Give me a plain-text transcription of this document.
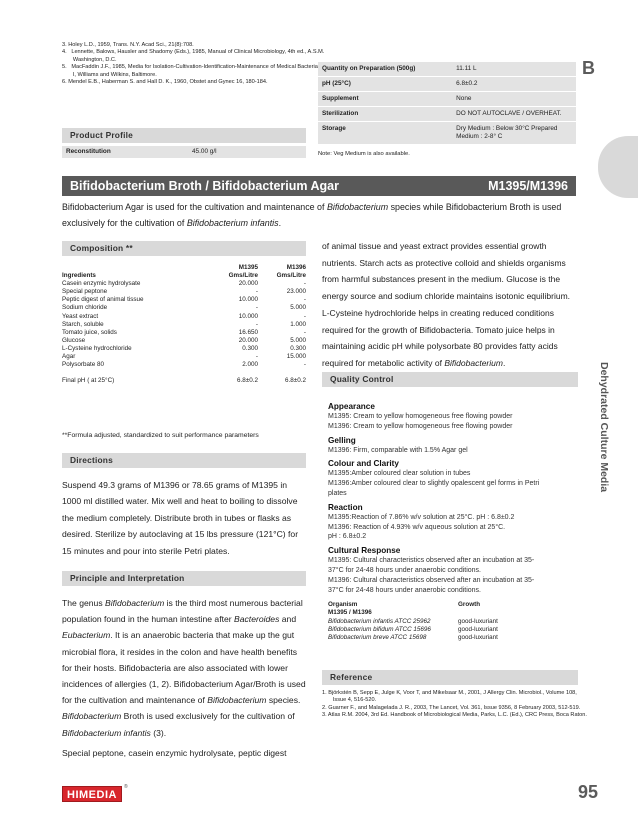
3. Holey L.D., 1959, Trans. N.Y. Acad Sci., 21(8):708.
4.   Lennette, Balows, Hausler and Shadomy (Eds.), 1985, Manual of Clinical Microbiology, 4th ed., A.S.M.
Washington, D.C.
5.   MacFaddin J.F., 1985, Media for Isolation-Cultivation-Identification-Maintenance of Medical Bacteria, Vol.
I, Williams and Wilkins, Baltimore.
6. Mendel E.B., Haberman S. and Hall D. K., 1960, Obstet and Gynec 16, 180-184.
Product Profile
Reconstitution	45.00 g/l
Quantity on Preparation (500g)	11.11 L
pH (25°C)	6.8±0.2
Supplement	None
Sterilization	DO NOT AUTOCLAVE / OVERHEAT.
Storage	Dry Medium : Below 30°C Prepared Medium : 2-8° C
Note: Veg Medium is also available.
B
Dehydrated Culture Media
Bifidobacterium Broth / Bifidobacterium Agar	M1395/M1396
Bifidobacterium Agar is used for the cultivation and maintenance of Bifidobacterium species while Bifidobacterium Broth is used
exclusively for the cultivation of Bifidobacterium infantis.
Composition **
	M1395	M1396
Ingredients	Gms/Litre	Gms/Litre
Casein enzymic hydrolysate	20.000	-
Special peptone	-	23.000
Peptic digest of animal tissue	10.000	-
Sodium chloride	-	5.000
Yeast extract	10.000	-
Starch, soluble	-	1.000
Tomato juice, solids	16.650	-
Glucose	20.000	5.000
L-Cysteine hydrochloride	0.300	0.300
Agar	-	15.000
Polysorbate 80	2.000	-

Final pH ( at 25°C)	6.8±0.2	6.8±0.2
**Formula adjusted, standardized to suit performance parameters
Directions
Suspend 49.3 grams of M1396 or 78.65 grams of M1395 in
1000 ml distilled water. Mix well and heat to boiling to dissolve
the medium completely. Distribute broth in tubes or flasks as
desired. Sterilize by autoclaving at 15 lbs pressure (121°C) for
15 minutes and pour into sterile Petri plates.
Principle and Interpretation
The genus Bifidobacterium is the third most numerous bacterial
population found in the human intestine after Bacteroides and
Eubacterium. It is an anaerobic bacteria that make up the gut
microbial flora, it resides in the colon and have health benefits
for their hosts. Bifidobacteria are also associated with lower
incidences of allergies (1, 2). Bifidobacterium Agar/Broth is used
for the cultivation and maintenance of Bifidobacterium species.
Bifidobacterium Broth is used exclusively for the cultivation of
Bifidobacterium infantis (3).
Special peptone, casein enzymic hydrolysate, peptic digest
of animal tissue and yeast extract provides essential growth
nutrients. Starch acts as protective colloid and shields organisms
from harmful substances present in the medium. Glucose is the
energy source and sodium chloride maintains isotonic equilibrium.
L-Cysteine hydrochloride helps in creating reduced conditions
required for the growth of Bifidobacteria. Tomato juice helps in
maintaining acidic pH while polysorbate 80 provides fatty acids
required for metabolic activity of Bifidobacterium.
Quality Control
Appearance
M1395: Cream to yellow homogeneous free flowing powder
M1396: Cream to yellow homogeneous free flowing powder
Gelling
M1396: Firm, comparable with 1.5% Agar gel
Colour and Clarity
M1395:Amber coloured clear solution in tubes
M1396:Amber coloured clear to slightly opalescent gel forms in Petri
plates
Reaction
M1395:Reaction of 7.86% w/v solution at 25°C. pH : 6.8±0.2
M1396: Reaction of 4.93% w/v aqueous solution at 25°C.
pH : 6.8±0.2
Cultural Response
M1395: Cultural characteristics observed after an incubation at 35-
37°C for 24-48 hours under anaerobic conditions.
M1396: Cultural characteristics observed after an incubation at 35-
37°C for 24-48 hours under anaerobic conditions.
Organism	Growth
M1395 / M1396	
Bifidobacterium infantis ATCC 25962	good-luxuriant
Bifidobacterium bifidum ATCC 15696	good-luxuriant
Bifidobacterium breve ATCC 15698	good-luxuriant
Reference
1. Björkstén B, Sepp E, Julge K, Voor T, and Mikelsaar M., 2001, J Allergy Clin. Microbiol., Volume 108,
Issue 4, 516-520.
2. Guarner F., and Malagelada J. R., 2003, The Lancet, Vol. 361, Issue 9356, 8 February 2003, 512-519.
3. Atlas R.M. 2004, 3rd Ed. Handbook of Microbiological Media, Parks, L.C. (Ed.), CRC Press, Boca Raton.
HIMEDIA
®	95
